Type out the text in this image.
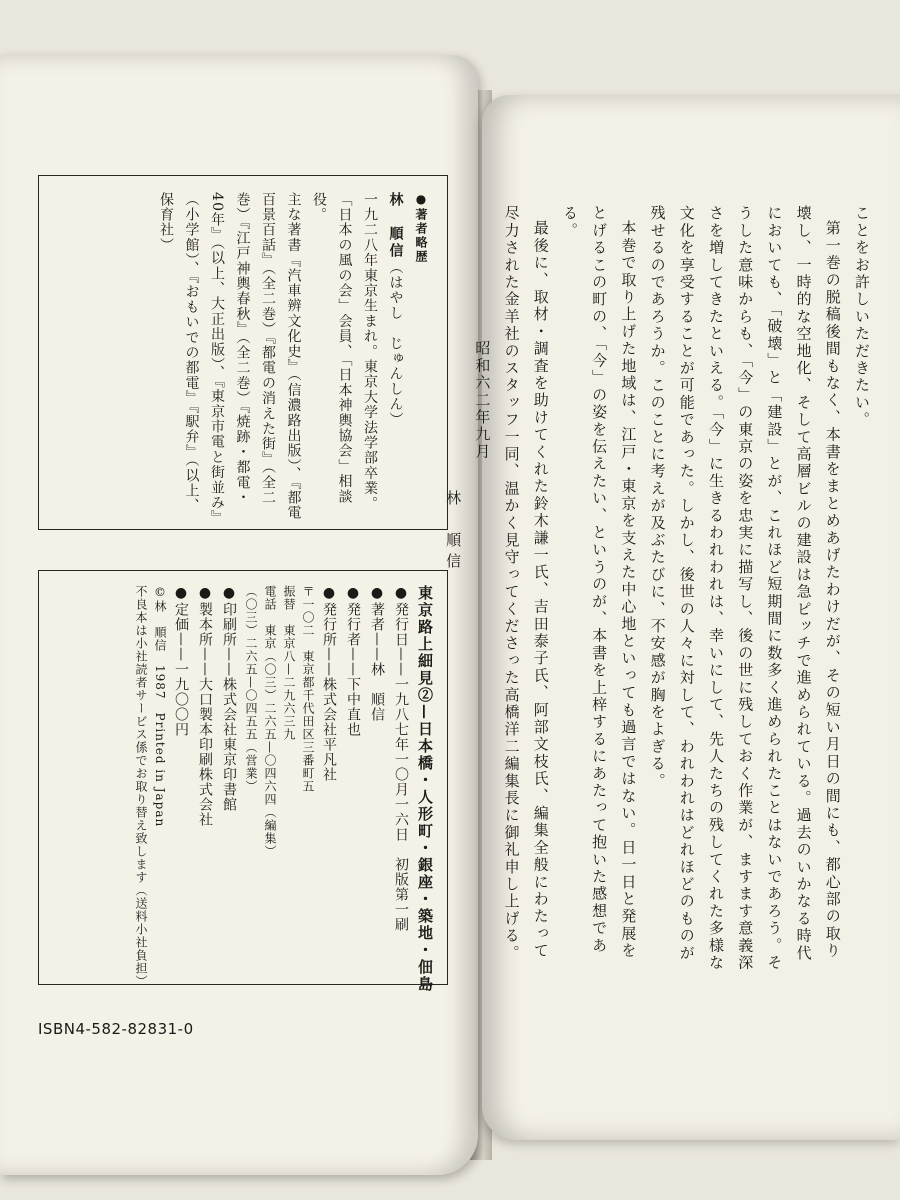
●著者略歴

林　順信（はやし　じゅんしん）

一九二八年東京生まれ。東京大学法学部卒業。「日本の風の会」会員、「日本神輿協会」相談役。

主な著書『汽車辨文化史』（信濃路出版）、『都電百景百話』（全二巻）『都電の消えた街』（全二巻）『江戸神輿春秋』（全二巻）『焼跡・都電・40年』（以上、大正出版）、『東京市電と街並み』（小学館）、『おもいでの都電』『駅弁』（以上、保育社）

東京路上細見②—日本橋・人形町・銀座・築地・佃島

●発行日——一九八七年一〇月一六日　初版第一刷

●著者——林　順信

●発行者——下中直也

●発行所——株式会社平凡社

〒一〇二　東京都千代田区三番町五

振替　東京八—二九六三九

電話　東京（〇三）二六五—〇四六四（編集）

（〇三）二六五—〇四五五（営業）

●印刷所——株式会社東京印書館

●製本所——大口製本印刷株式会社

●定価——一九〇〇円

©林　順信　1987　Printed in Japan

不良本は小社読者サービス係でお取り替え致します（送料小社負担）

ISBN4-582-82831-0

ことをお許しいただきたい。

第一巻の脱稿後間もなく、本書をまとめあげたわけだが、その短い月日の間にも、都心部の取り壊し、一時的な空地化、そして高層ビルの建設は急ピッチで進められている。過去のいかなる時代においても、「破壊」と「建設」とが、これほど短期間に数多く進められたことはないであろう。そうした意味からも、「今」の東京の姿を忠実に描写し、後の世に残しておく作業が、ますます意義深さを増してきたといえる。「今」に生きるわれわれは、幸いにして、先人たちの残してくれた多様な文化を享受することが可能であった。しかし、後世の人々に対して、われわれはどれほどのものが残せるのであろうか。このことに考えが及ぶたびに、不安感が胸をよぎる。

本巻で取り上げた地域は、江戸・東京を支えた中心地といっても過言ではない。日一日と発展をとげるこの町の、「今」の姿を伝えたい、というのが、本書を上梓するにあたって抱いた感想である。

最後に、取材・調査を助けてくれた鈴木謙一氏、吉田泰子氏、阿部文枝氏、編集全般にわたって尽力された金羊社のスタッフ一同、温かく見守ってくださった高橋洋二編集長に御礼申し上げる。

昭和六二年九月

林　順信
